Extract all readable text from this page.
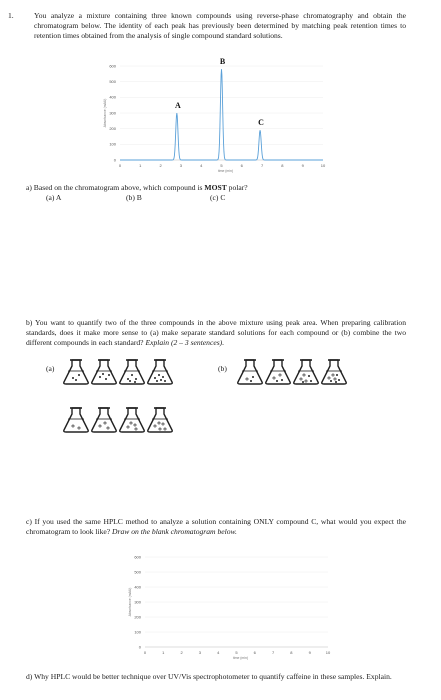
1.	You analyze a mixture containing three known compounds using reverse-phase chromatography and obtain the chromatogram below. The identity of each peak has previously been determined by matching peak retention times to retention times obtained from the analysis of single compound standard solutions.
0
100
200
300
400
500
600
0	1	2	3	4	5	6	7	8	9	10
time (min)
Absorbance (mAU)	A
B
C
a) Based on the chromatogram above, which compound is MOST polar?
(a) A	(b) B	(c) C
b) You want to quantify two of the three compounds in the above mixture using peak area. When preparing calibration standards, does it make more sense to (a) make separate standard solutions for each compound or (b) combine the two different compounds in each standard? Explain (2 – 3 sentences).
(a)	(b)
c) If you used the same HPLC method to analyze a solution containing ONLY compound C, what would you expect the chromatogram to look like? Draw on the blank chromatogram below.
0
100
200
300
400
500
600
0	1	2	3	4	5	6	7	8	9	10
time (min)
Absorbance (mAU)
d) Why HPLC would be better technique over UV/Vis spectrophotometer to quantify caffeine in these samples. Explain.
